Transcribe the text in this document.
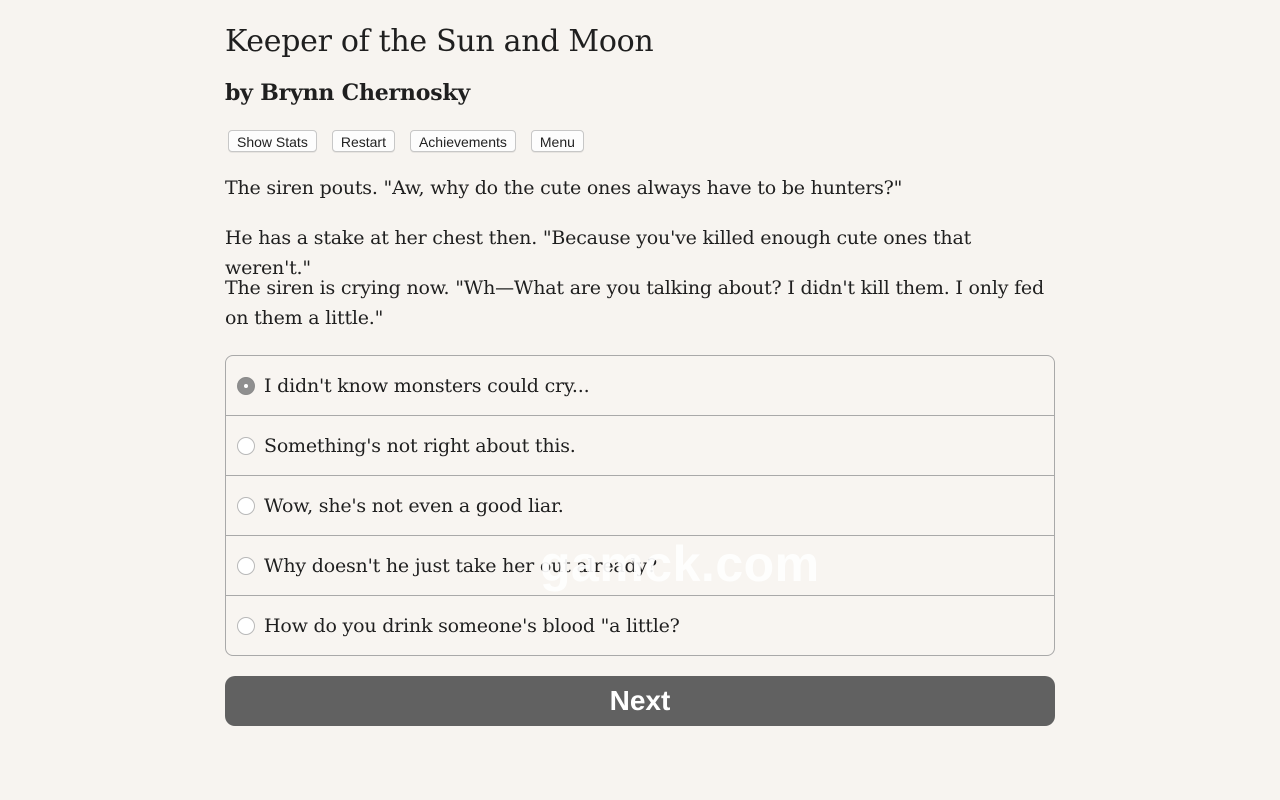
Keeper of the Sun and Moon
by Brynn Chernosky
Show Stats	Restart	Achievements	Menu

The siren pouts. "Aw, why do the cute ones always have to be hunters?"

He has a stake at her chest then. "Because you've killed enough cute ones that weren't."

The siren is crying now. "Wh—What are you talking about? I didn't kill them. I only fed on them a little."

I didn't know monsters could cry...
Something's not right about this.
Wow, she's not even a good liar.
Why doesn't he just take her out already?
How do you drink someone's blood "a little?
Next
gamck.com
